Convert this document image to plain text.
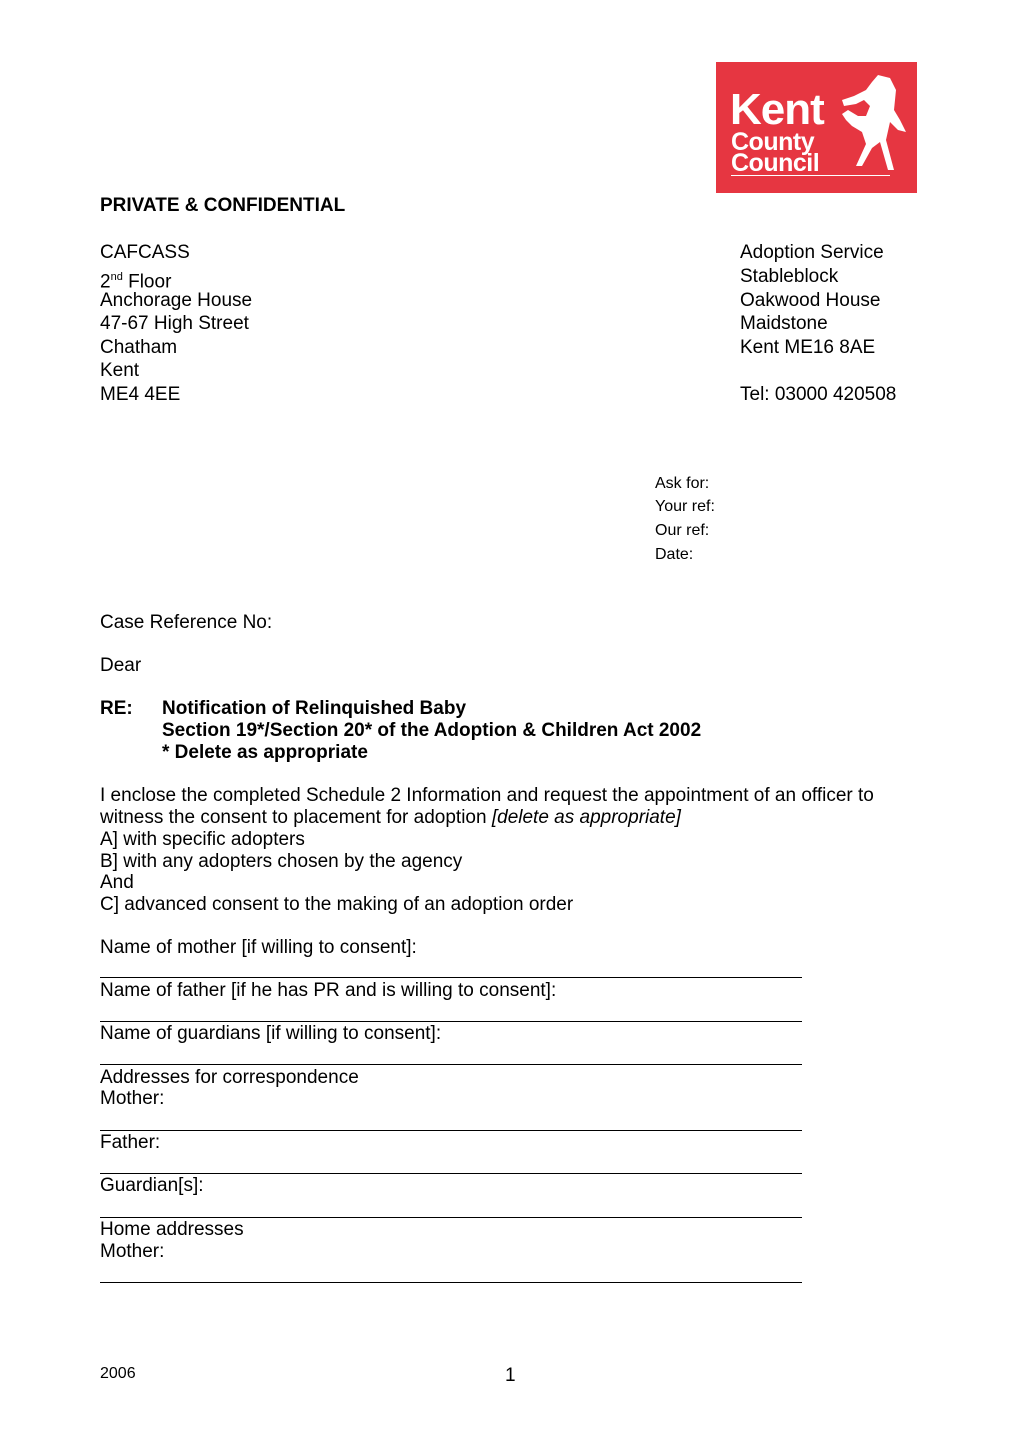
Kent
County
Council
PRIVATE & CONFIDENTIAL
CAFCASS
2nd Floor
Anchorage House
47-67 High Street
Chatham
Kent
ME4 4EE
Adoption Service
Stableblock
Oakwood House
Maidstone
Kent ME16 8AE
Tel: 03000 420508
Ask for:
Your ref:
Our ref:
Date:
Case Reference No:
Dear
RE: Notification of Relinquished Baby
Section 19*/Section 20* of the Adoption & Children Act 2002
* Delete as appropriate
I enclose the completed Schedule 2 Information and request the appointment of an officer to
witness the consent to placement for adoption [delete as appropriate]
A] with specific adopters
B] with any adopters chosen by the agency
And
C] advanced consent to the making of an adoption order
Name of mother [if willing to consent]:
Name of father [if he has PR and is willing to consent]:
Name of guardians [if willing to consent]:
Addresses for correspondence
Mother:
Father:
Guardian[s]:
Home addresses
Mother:
2006	1
